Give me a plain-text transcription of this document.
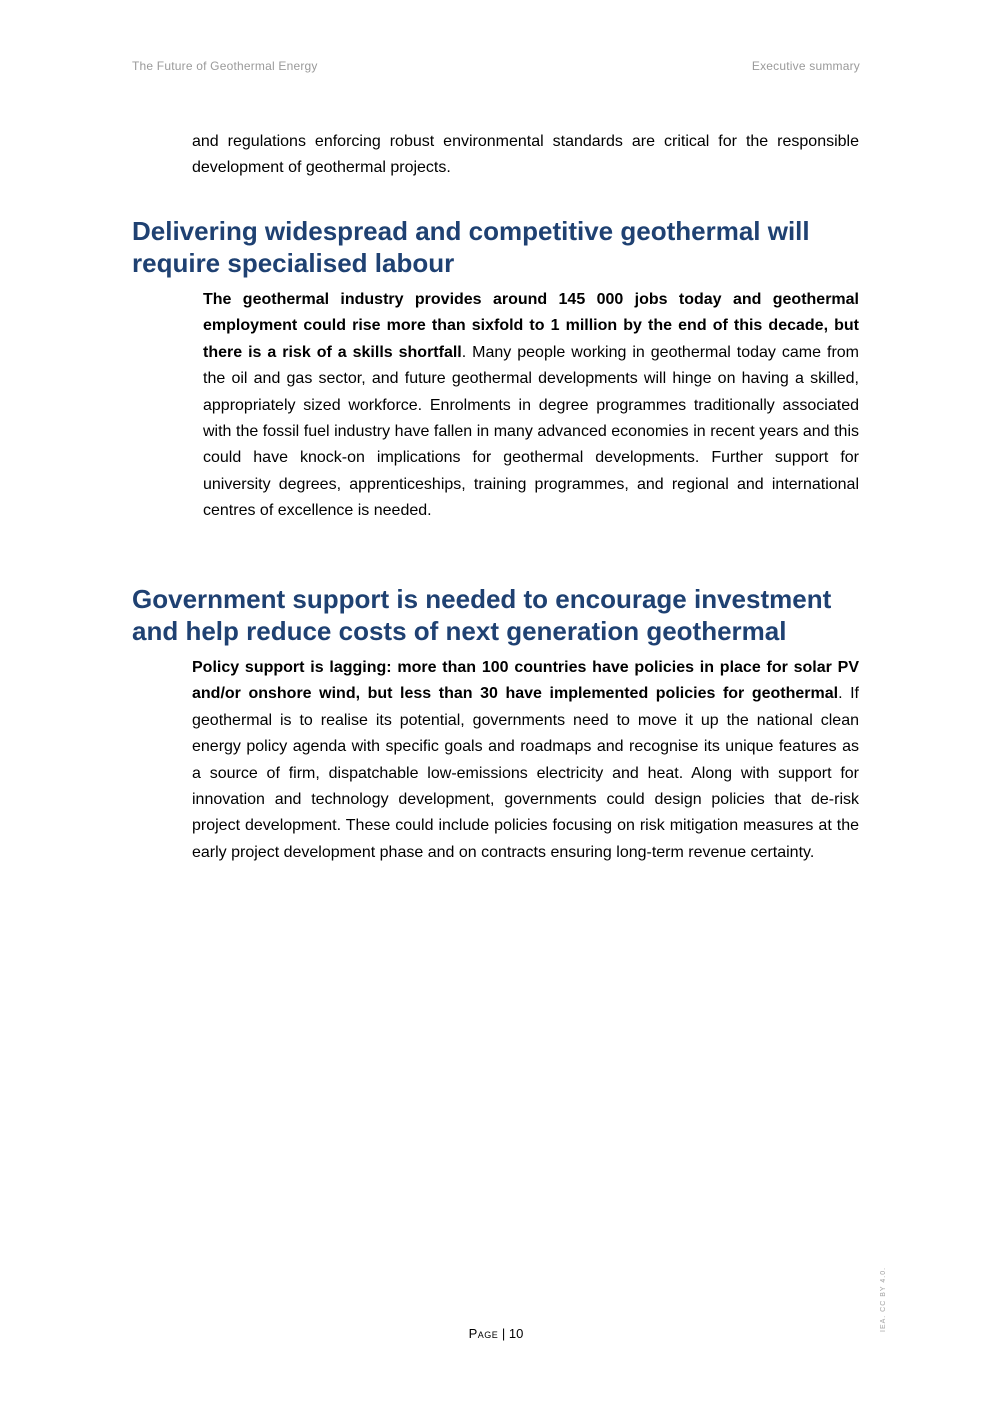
The Future of Geothermal Energy	Executive summary

and regulations enforcing robust environmental standards are critical for the responsible development of geothermal projects.

Delivering widespread and competitive geothermal will require specialised labour

The geothermal industry provides around 145 000 jobs today and geothermal employment could rise more than sixfold to 1 million by the end of this decade, but there is a risk of a skills shortfall. Many people working in geothermal today came from the oil and gas sector, and future geothermal developments will hinge on having a skilled, appropriately sized workforce. Enrolments in degree programmes traditionally associated with the fossil fuel industry have fallen in many advanced economies in recent years and this could have knock-on implications for geothermal developments. Further support for university degrees, apprenticeships, training programmes, and regional and international centres of excellence is needed.

Government support is needed to encourage investment and help reduce costs of next generation geothermal

Policy support is lagging: more than 100 countries have policies in place for solar PV and/or onshore wind, but less than 30 have implemented policies for geothermal. If geothermal is to realise its potential, governments need to move it up the national clean energy policy agenda with specific goals and roadmaps and recognise its unique features as a source of firm, dispatchable low-emissions electricity and heat. Along with support for innovation and technology development, governments could design policies that de-risk project development. These could include policies focusing on risk mitigation measures at the early project development phase and on contracts ensuring long-term revenue certainty.

Page | 10
IEA. CC BY 4.0.
